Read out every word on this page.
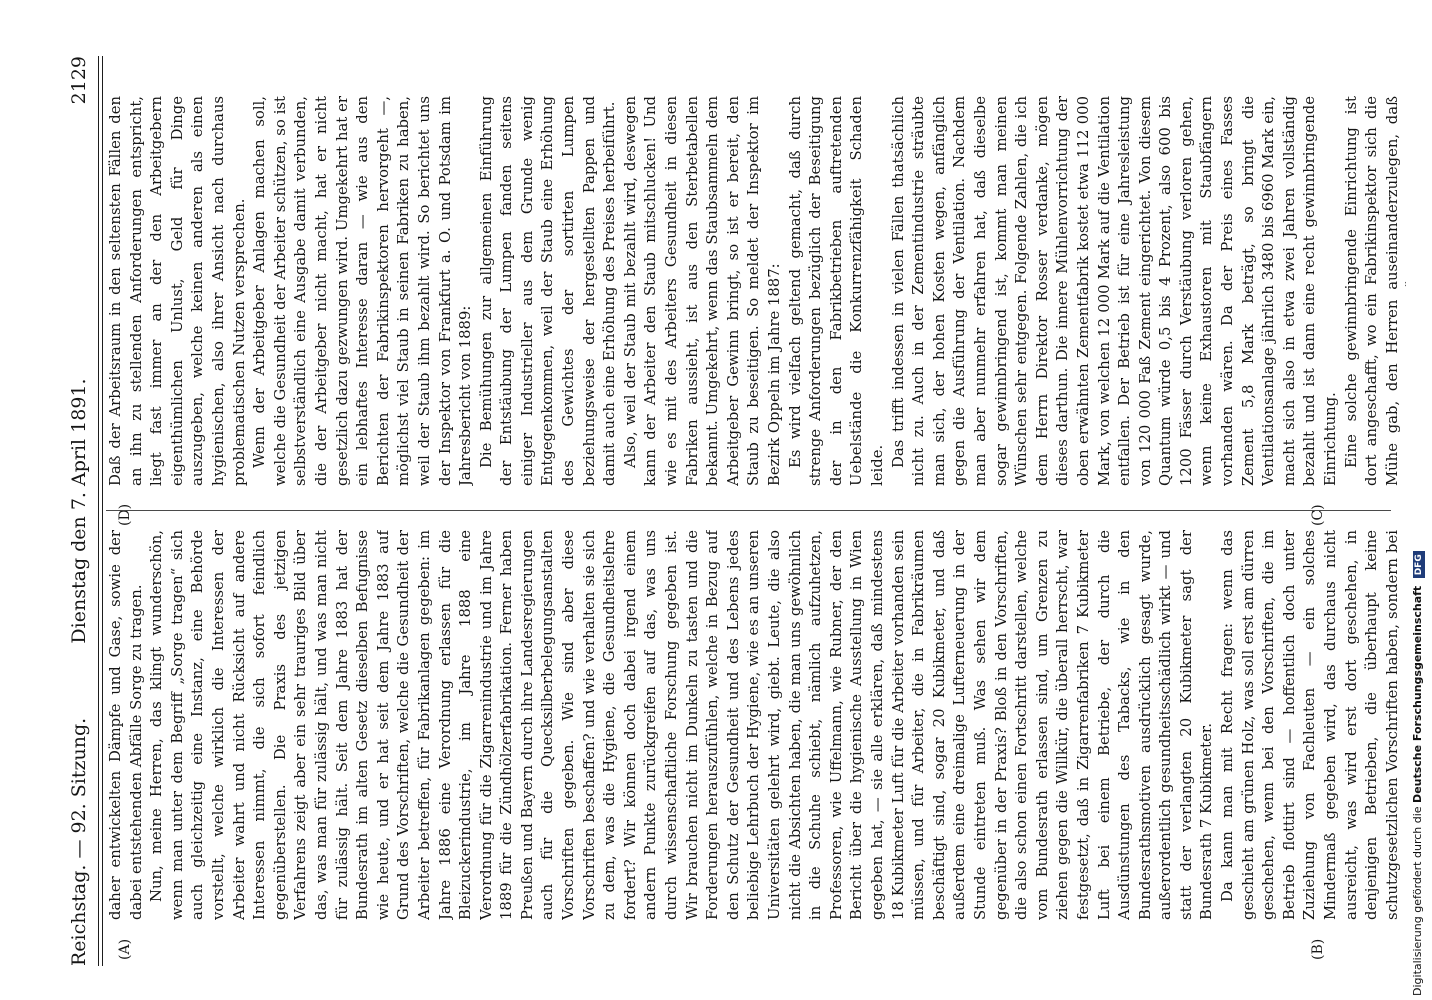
Reichstag. — 92. Sitzung.
Dienstag den 7. April 1891.
2129
(A)	(B)
(C)
(D)

daher entwickelten Dämpfe und Gase, sowie der dabei entstehenden Abfälle Sorge zu tragen. Nun, meine Herren, das klingt wunderschön, wenn man unter dem Begriff „Sorge tragen“ sich auch gleichzeitig eine Instanz, eine Behörde vorstellt, welche wirklich die Interessen der Arbeiter wahrt und nicht Rücksicht auf andere Interessen nimmt, die sich sofort feindlich gegenüberstellen. Die Praxis des jetzigen Verfahrens zeigt aber ein sehr trauriges Bild über das, was man für zulässig hält, und was man nicht für zulässig hält. Seit dem Jahre 1883 hat der Bundesrath im alten Gesetz dieselben Befugnisse wie heute, und er hat seit dem Jahre 1883 auf Grund des Vorschriften, welche die Gesundheit der Arbeiter betreffen, für Fabrikanlagen gegeben: im Jahre 1886 eine Verordnung erlassen für die Bleizuckerindustrie, im Jahre 1888 eine Verordnung für die Zigarrenindustrie und im Jahre 1889 für die Zündhölzerfabrikation. Ferner haben Preußen und Bayern durch ihre Landesregierungen auch für die Quecksilberbelegungsanstalten Vorschriften gegeben. Wie sind aber diese Vorschriften beschaffen? und wie verhalten sie sich zu dem, was die Hygiene, die Gesundheitslehre fordert? Wir können doch dabei irgend einem andern Punkte zurückgreifen auf das, was uns durch wissenschaftliche Forschung gegeben ist. Wir brauchen nicht im Dunkeln zu tasten und die Forderungen herauszufühlen, welche in Bezug auf den Schutz der Gesundheit und des Lebens jedes beliebige Lehrbuch der Hygiene, wie es an unseren Universitäten gelehrt wird, giebt. Leute, die also nicht die Absichten haben, die man uns gewöhnlich in die Schuhe schiebt, nämlich aufzuhetzen, Professoren, wie Uffelmann, wie Rubner, der den Bericht über die hygienische Ausstellung in Wien gegeben hat, — sie alle erklären, daß mindestens 18 Kubikmeter Luft für die Arbeiter vorhanden sein müssen, und für Arbeiter, die in Fabrikräumen beschäftigt sind, sogar 20 Kubikmeter, und daß außerdem eine dreimalige Lufterneuerung in der Stunde eintreten muß. Was sehen wir dem gegenüber in der Praxis? Bloß in den Vorschriften, die also schon einen Fortschritt darstellen, welche vom Bundesrath erlassen sind, um Grenzen zu ziehen gegen die Willkür, die überall herrscht, war festgesetzt, daß in Zigarrenfabriken 7 Kubikmeter Luft bei einem Betriebe, der durch die Ausdünstungen des Tabacks, wie in den Bundesrathsmotiven ausdrücklich gesagt wurde, außerordentlich gesundheitsschädlich wirkt — und statt der verlangten 20 Kubikmeter sagt der Bundesrath 7 Kubikmeter. Da kann man mit Recht fragen: wenn das geschieht am grünen Holz, was soll erst am dürren geschehen, wenn bei den Vorschriften, die im Betrieb flottirt sind — hoffentlich doch unter Zuziehung von Fachleuten — ein solches Mindermaß gegeben wird, das durchaus nicht ausreicht, was wird erst dort geschehen, in denjenigen Betrieben, die überhaupt keine schutzgesetzlichen Vorschriften haben, sondern bei

Daß der Arbeitsraum in den seltensten Fällen den an ihn zu stellenden Anforderungen entspricht, liegt fast immer an der den Arbeitgebern eigenthümlichen Unlust, Geld für Dinge auszugeben, welche keinen anderen als einen hygienischen, also ihrer Ansicht nach durchaus problematischen Nutzen versprechen. Wenn der Arbeitgeber Anlagen machen soll, welche die Gesundheit der Arbeiter schützen, so ist selbstverständlich eine Ausgabe damit verbunden, die der Arbeitgeber nicht macht, hat er nicht gesetzlich dazu gezwungen wird. Umgekehrt hat er ein lebhaftes Interesse daran — wie aus den Berichten der Fabrikinspektoren hervorgeht —, möglichst viel Staub in seinen Fabriken zu haben, weil der Staub ihm bezahlt wird. So berichtet uns der Inspektor von Frankfurt a. O. und Potsdam im Jahresbericht von 1889: Die Bemühungen zur allgemeinen Einführung der Entstäubung der Lumpen fanden seitens einiger Industrieller aus dem Grunde wenig Entgegenkommen, weil der Staub eine Erhöhung des Gewichtes der sortirten Lumpen beziehungsweise der hergestellten Pappen und damit auch eine Erhöhung des Preises herbeiführt. Also, weil der Staub mit bezahlt wird, deswegen kann der Arbeiter den Staub mitschlucken! Und wie es mit des Arbeiters Gesundheit in diesen Fabriken aussieht, ist aus den Sterbetabellen bekannt. Umgekehrt, wenn das Staubsammeln dem Arbeitgeber Gewinn bringt, so ist er bereit, den Staub zu beseitigen. So meldet der Inspektor im Bezirk Oppeln im Jahre 1887: Es wird vielfach geltend gemacht, daß durch strenge Anforderungen bezüglich der Beseitigung der in den Fabrikbetrieben auftretenden Uebelstände die Konkurrenzfähigkeit Schaden leide. Das trifft indessen in vielen Fällen thatsächlich nicht zu. Auch in der Zementindustrie sträubte man sich, der hohen Kosten wegen, anfänglich gegen die Ausführung der Ventilation. Nachdem man aber nunmehr erfahren hat, daß dieselbe sogar gewinnbringend ist, kommt man meinen Wünschen sehr entgegen. Folgende Zahlen, die ich dem Herrn Direktor Rosser verdanke, mögen dieses darthun. Die innere Mühlenvorrichtung der oben erwähnten Zementfabrik kostet etwa 112 000 Mark, von welchen 12 000 Mark auf die Ventilation entfallen. Der Betrieb ist für eine Jahresleistung von 120 000 Faß Zement eingerichtet. Von diesem Quantum würde 0,5 bis 4 Prozent, also 600 bis 1200 Fässer durch Verstäubung verloren gehen, wenn keine Exhaustoren mit Staubfängern vorhanden wären. Da der Preis eines Fasses Zement 5,8 Mark beträgt, so bringt die Ventilationsanlage jährlich 3480 bis 6960 Mark ein, macht sich also in etwa zwei Jahren vollständig bezahlt und ist dann eine recht gewinnbringende Einrichtung. Eine solche gewinnbringende Einrichtung ist dort angeschafft, wo ein Fabrikinspektor sich die Mühe gab, den Herren auseinanderzulegen, daß

Digitalisierung gefördert durch die Deutsche Forschungsgemeinschaft DFG
